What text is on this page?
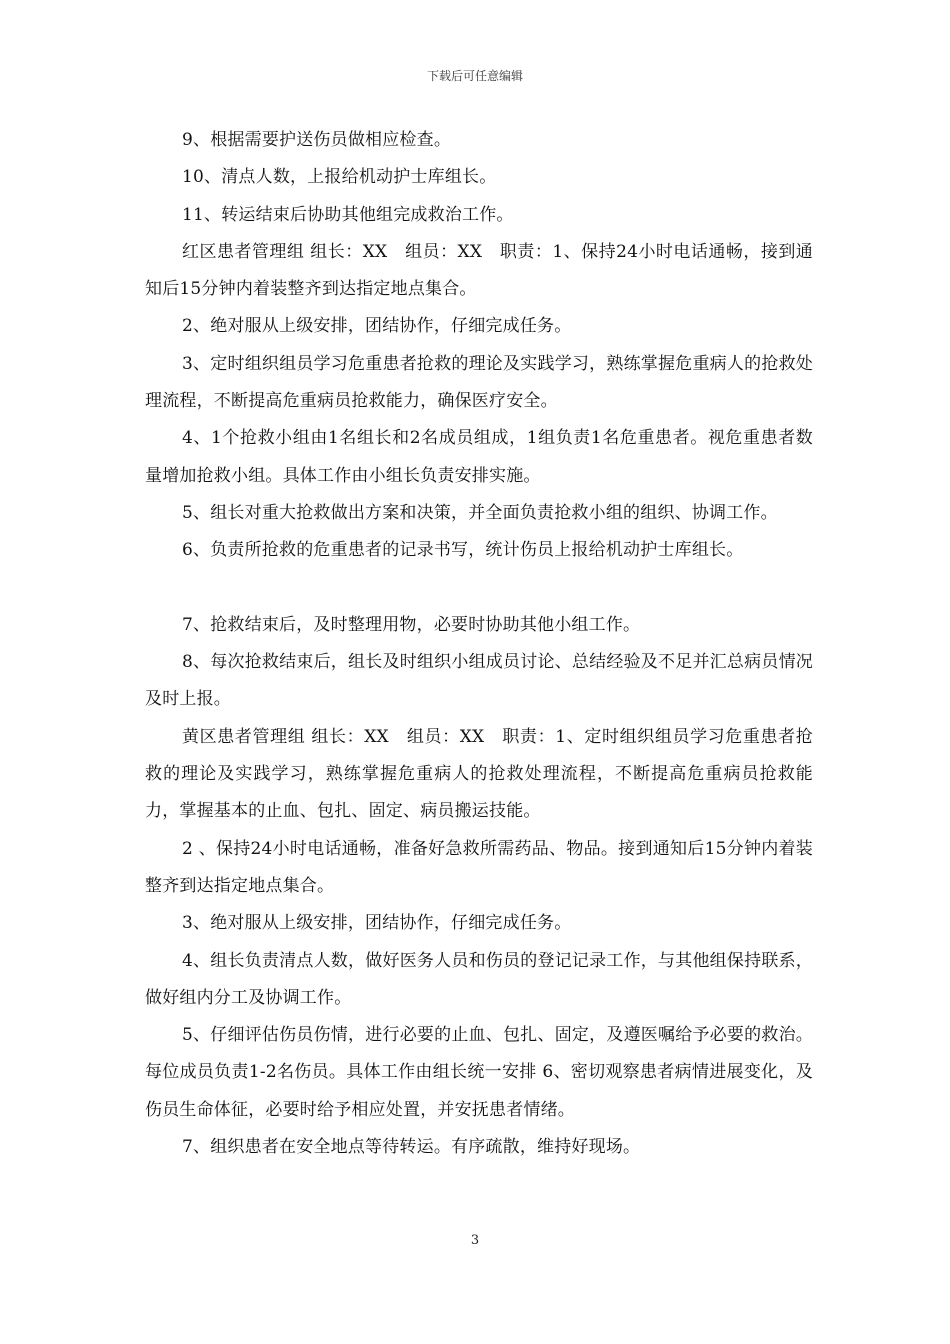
下载后可任意编辑

9、根据需要护送伤员做相应检查。

10、清点人数，上报给机动护士库组长。

11、转运结束后协助其他组完成救治工作。

红区患者管理组 组长：XX　组员：XX　职责：1、保持24小时电话通畅，接到通知后15分钟内着装整齐到达指定地点集合。

2、绝对服从上级安排，团结协作，仔细完成任务。

3、定时组织组员学习危重患者抢救的理论及实践学习，熟练掌握危重病人的抢救处理流程，不断提高危重病员抢救能力，确保医疗安全。

4、1个抢救小组由1名组长和2名成员组成，1组负责1名危重患者。视危重患者数量增加抢救小组。具体工作由小组长负责安排实施。

5、组长对重大抢救做出方案和决策，并全面负责抢救小组的组织、协调工作。

6、负责所抢救的危重患者的记录书写，统计伤员上报给机动护士库组长。

7、抢救结束后，及时整理用物，必要时协助其他小组工作。

8、每次抢救结束后，组长及时组织小组成员讨论、总结经验及不足并汇总病员情况及时上报。

黄区患者管理组 组长：XX　组员：XX　职责：1、定时组织组员学习危重患者抢救的理论及实践学习，熟练掌握危重病人的抢救处理流程，不断提高危重病员抢救能力，掌握基本的止血、包扎、固定、病员搬运技能。

2 、保持24小时电话通畅，准备好急救所需药品、物品。接到通知后15分钟内着装整齐到达指定地点集合。

3、绝对服从上级安排，团结协作，仔细完成任务。

4、组长负责清点人数，做好医务人员和伤员的登记记录工作，与其他组保持联系，做好组内分工及协调工作。

5、仔细评估伤员伤情，进行必要的止血、包扎、固定，及遵医嘱给予必要的救治。每位成员负责1-2名伤员。具体工作由组长统一安排 6、密切观察患者病情进展变化，及伤员生命体征，必要时给予相应处置，并安抚患者情绪。

7、组织患者在安全地点等待转运。有序疏散，维持好现场。

3
